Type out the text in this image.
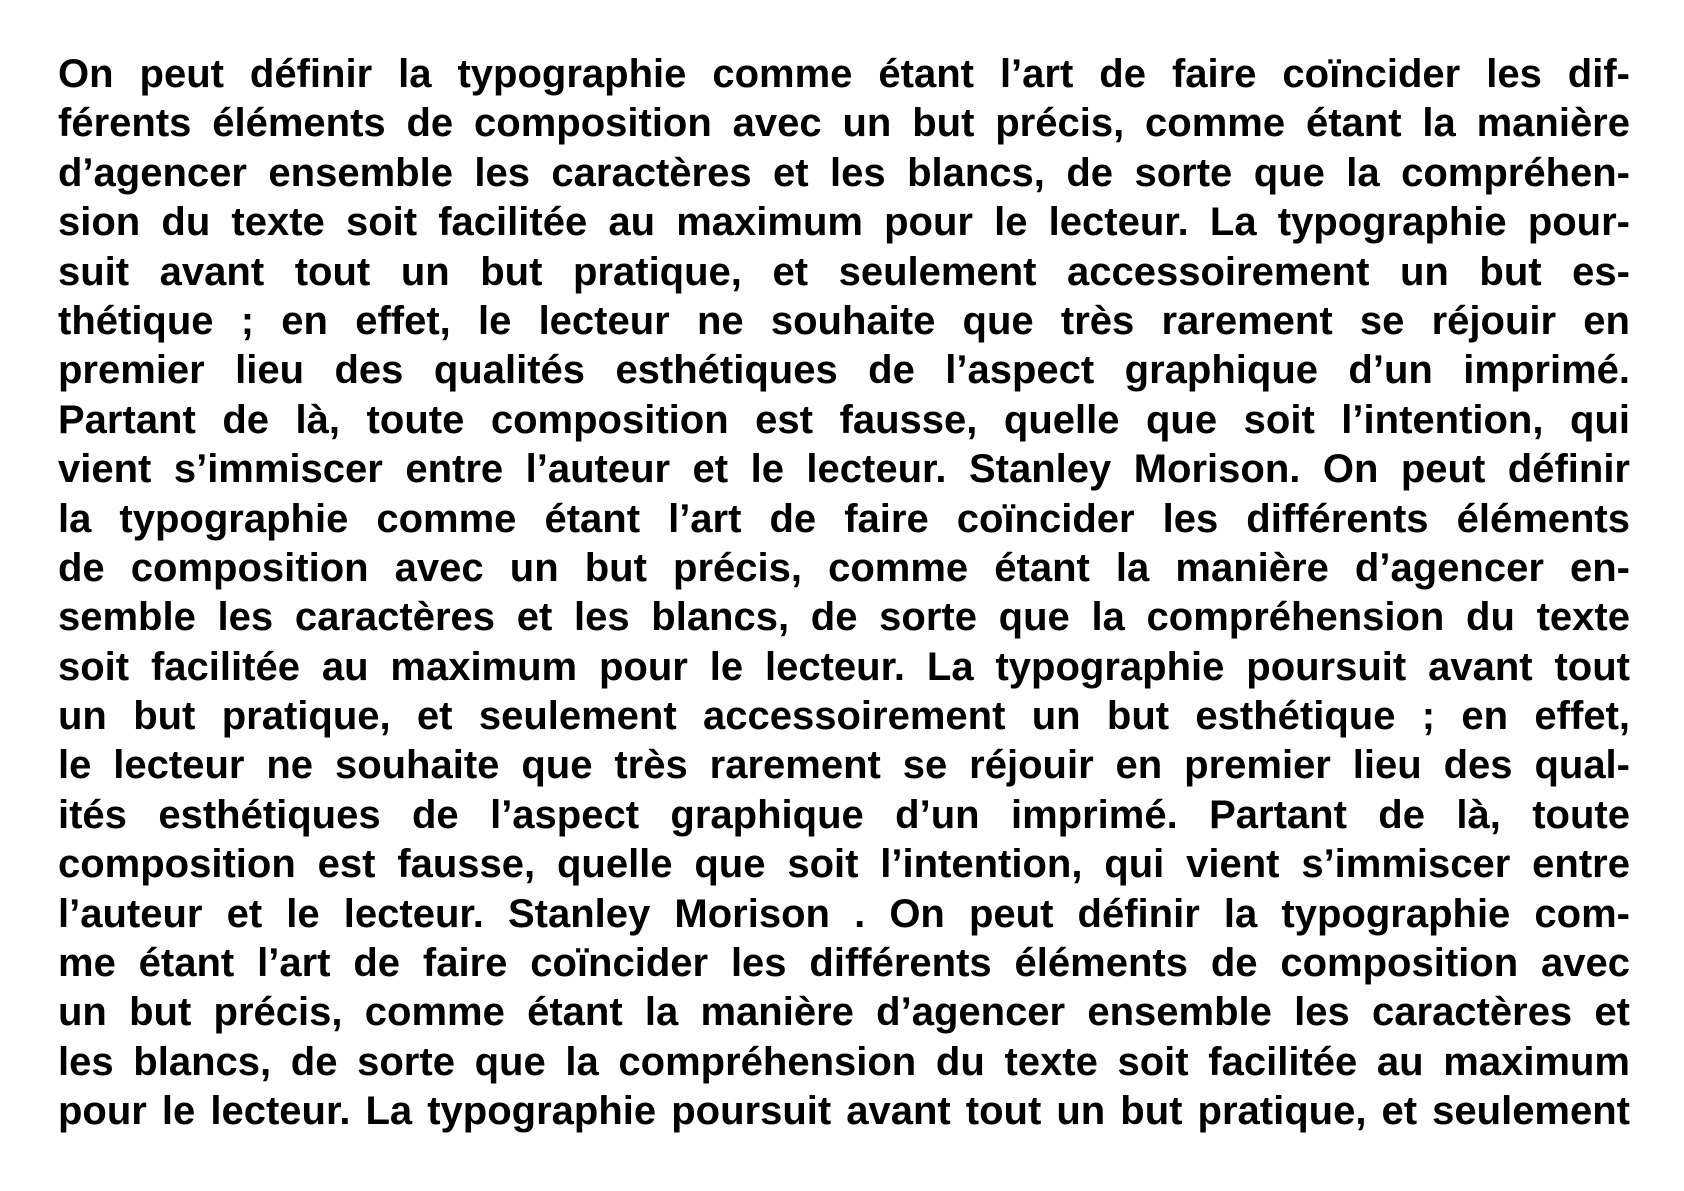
On peut définir la typographie comme étant l’art de faire coïncider les dif-
férents éléments de composition avec un but précis, comme étant la manière
d’agencer ensemble les caractères et les blancs, de sorte que la compréhen-
sion du texte soit facilitée au maximum pour le lecteur. La typographie pour-
suit avant tout un but pratique, et seulement accessoirement un but es-
thétique ; en effet, le lecteur ne souhaite que très rarement se réjouir en
premier lieu des qualités esthétiques de l’aspect graphique d’un imprimé.
Partant de là, toute composition est fausse, quelle que soit l’intention, qui
vient s’immiscer entre l’auteur et le lecteur. Stanley Morison. On peut définir
la typographie comme étant l’art de faire coïncider les différents éléments
de composition avec un but précis, comme étant la manière d’agencer en-
semble les caractères et les blancs, de sorte que la compréhension du texte
soit facilitée au maximum pour le lecteur. La typographie poursuit avant tout
un but pratique, et seulement accessoirement un but esthétique ; en effet,
le lecteur ne souhaite que très rarement se réjouir en premier lieu des qual-
ités esthétiques de l’aspect graphique d’un imprimé. Partant de là, toute
composition est fausse, quelle que soit l’intention, qui vient s’immiscer entre
l’auteur et le lecteur. Stanley Morison . On peut définir la typographie com-
me étant l’art de faire coïncider les différents éléments de composition avec
un but précis, comme étant la manière d’agencer ensemble les caractères et
les blancs, de sorte que la compréhension du texte soit facilitée au maximum
pour le lecteur. La typographie poursuit avant tout un but pratique, et seulement
